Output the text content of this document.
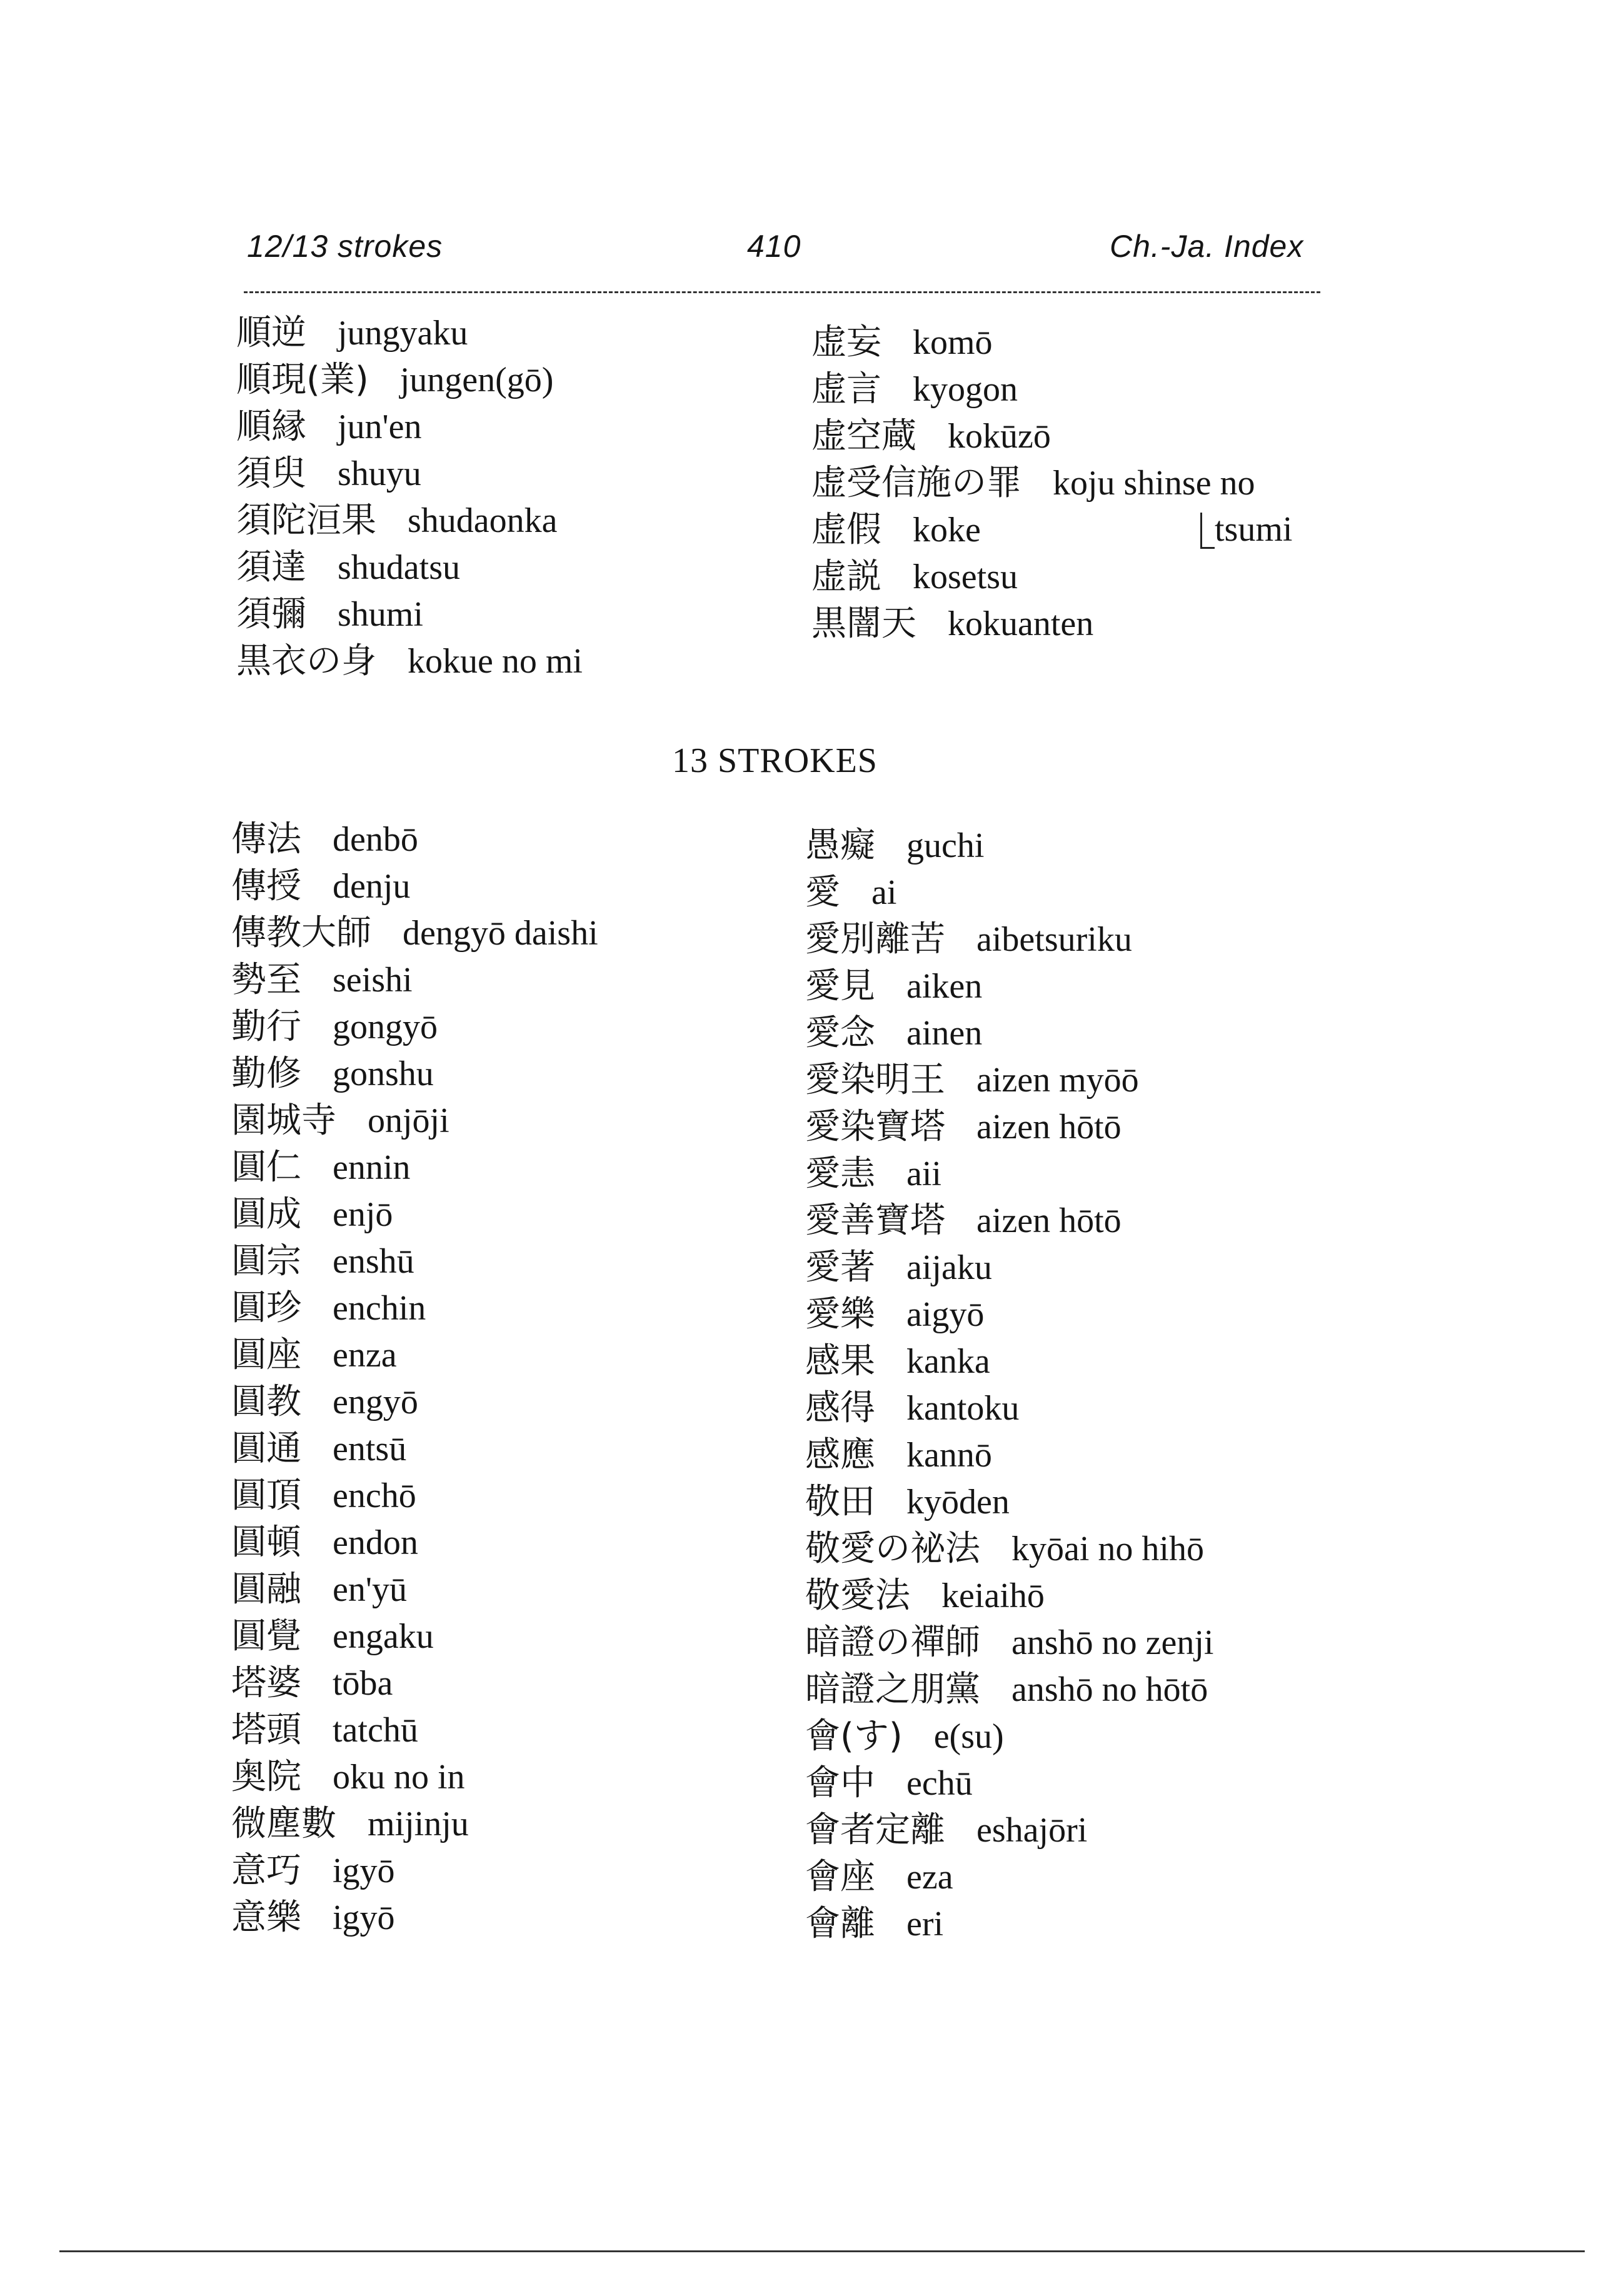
12/13 strokes	410	Ch.-Ja. Index
順逆 jungyaku
順現(業) jungen(gō)
順縁 jun'en
須臾 shuyu
須陀洹果 shudaonka
須達 shudatsu
須彌 shumi
黒衣の身 kokue no mi
虚妄 komō
虚言 kyogon
虚空蔵 kokūzō
虚受信施の罪 koju shinse no
虚假 koke
虚説 kosetsu
黒闇天 kokuanten
tsumi
13 STROKES
傳法 denbō
傳授 denju
傳教大師 dengyō daishi
勢至 seishi
勤行 gongyō
勤修 gonshu
園城寺 onjōji
圓仁 ennin
圓成 enjō
圓宗 enshū
圓珍 enchin
圓座 enza
圓教 engyō
圓通 entsū
圓頂 enchō
圓頓 endon
圓融 en'yū
圓覺 engaku
塔婆 tōba
塔頭 tatchū
奥院 oku no in
微塵數 mijinju
意巧 igyō
意樂 igyō
愚癡 guchi
愛 ai
愛別離苦 aibetsuriku
愛見 aiken
愛念 ainen
愛染明王 aizen myōō
愛染寶塔 aizen hōtō
愛恚 aii
愛善寶塔 aizen hōtō
愛著 aijaku
愛樂 aigyō
感果 kanka
感得 kantoku
感應 kannō
敬田 kyōden
敬愛の祕法 kyōai no hihō
敬愛法 keiaihō
暗證の禪師 anshō no zenji
暗證之朋黨 anshō no hōtō
會(す) e(su)
會中 echū
會者定離 eshajōri
會座 eza
會離 eri
